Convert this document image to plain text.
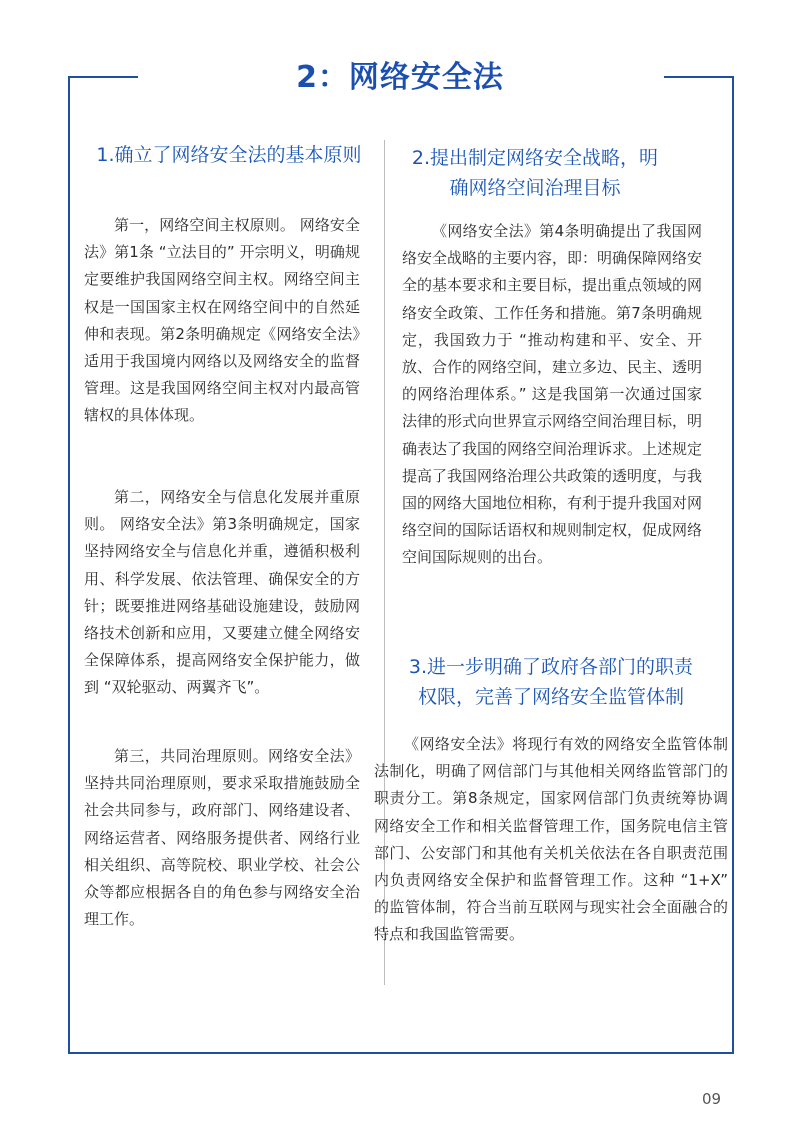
2：网络安全法
1.确立了网络安全法的基本原则

第一，网络空间主权原则。 网络安全法》第1条 “立法目的” 开宗明义，明确规定要维护我国网络空间主权。网络空间主权是一国国家主权在网络空间中的自然延伸和表现。第2条明确规定《网络安全法》适用于我国境内网络以及网络安全的监督管理。这是我国网络空间主权对内最高管辖权的具体体现。

第二，网络安全与信息化发展并重原则。 网络安全法》第3条明确规定，国家坚持网络安全与信息化并重，遵循积极利用、科学发展、依法管理、确保安全的方针；既要推进网络基础设施建设，鼓励网络技术创新和应用，又要建立健全网络安全保障体系，提高网络安全保护能力，做到 “双轮驱动、两翼齐飞”。

第三，共同治理原则。网络安全法》坚持共同治理原则，要求采取措施鼓励全社会共同参与，政府部门、网络建设者、网络运营者、网络服务提供者、网络行业相关组织、高等院校、职业学校、社会公众等都应根据各自的角色参与网络安全治理工作。

2.提出制定网络安全战略，明
确网络空间治理目标

《网络安全法》第4条明确提出了我国网络安全战略的主要内容，即：明确保障网络安全的基本要求和主要目标，提出重点领域的网络安全政策、工作任务和措施。第7条明确规定，我国致力于 “推动构建和平、安全、开放、合作的网络空间，建立多边、民主、透明的网络治理体系。” 这是我国第一次通过国家法律的形式向世界宣示网络空间治理目标，明确表达了我国的网络空间治理诉求。上述规定提高了我国网络治理公共政策的透明度，与我国的网络大国地位相称，有利于提升我国对网络空间的国际话语权和规则制定权，促成网络空间国际规则的出台。

3.进一步明确了政府各部门的职责
权限，完善了网络安全监管体制

《网络安全法》将现行有效的网络安全监管体制法制化，明确了网信部门与其他相关网络监管部门的职责分工。第8条规定，国家网信部门负责统筹协调网络安全工作和相关监督管理工作，国务院电信主管部门、公安部门和其他有关机关依法在各自职责范围内负责网络安全保护和监督管理工作。这种 “1+X” 的监管体制，符合当前互联网与现实社会全面融合的特点和我国监管需要。

09
